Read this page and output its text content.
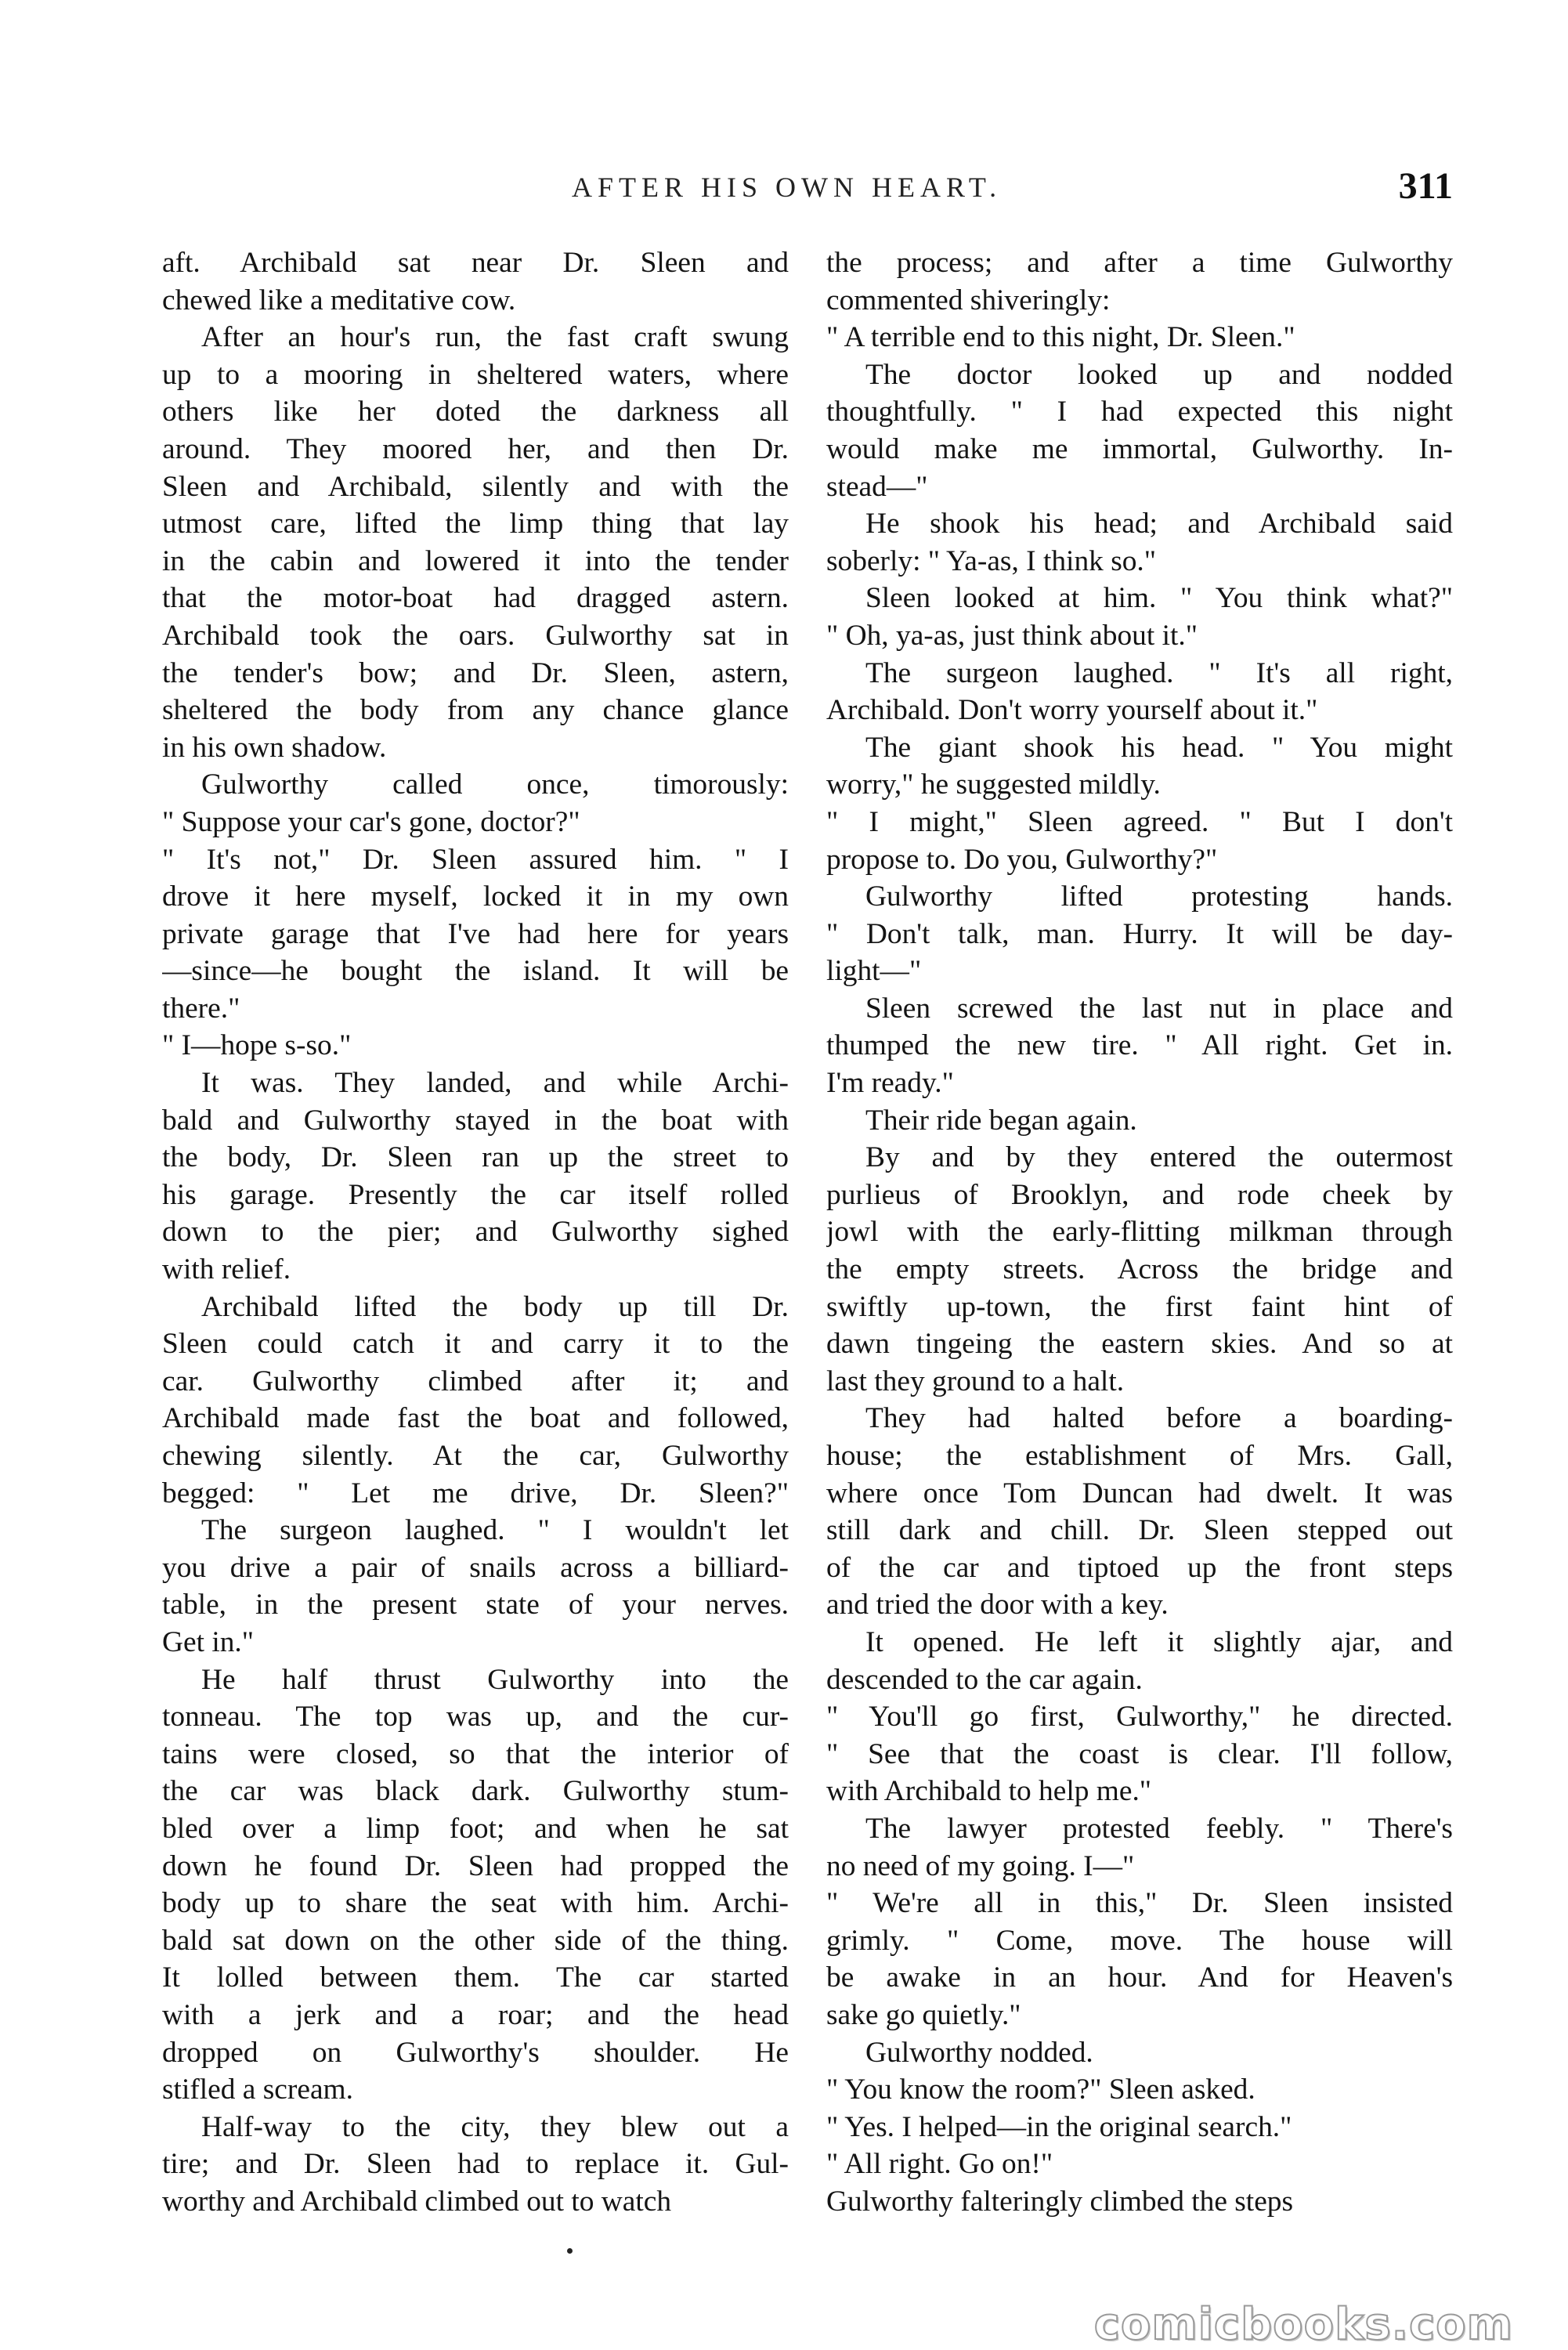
AFTER HIS OWN HEART.	311
aft. Archibald sat near Dr. Sleen and
chewed like a meditative cow.
After an hour's run, the fast craft swung
up to a mooring in sheltered waters, where
others like her doted the darkness all
around. They moored her, and then Dr.
Sleen and Archibald, silently and with the
utmost care, lifted the limp thing that lay
in the cabin and lowered it into the tender
that the motor-boat had dragged astern.
Archibald took the oars. Gulworthy sat in
the tender's bow; and Dr. Sleen, astern,
sheltered the body from any chance glance
in his own shadow.
Gulworthy called once, timorously:
" Suppose your car's gone, doctor?"
" It's not," Dr. Sleen assured him. " I
drove it here myself, locked it in my own
private garage that I've had here for years
—since—he bought the island. It will be
there."
" I—hope s-so."
It was. They landed, and while Archi-
bald and Gulworthy stayed in the boat with
the body, Dr. Sleen ran up the street to
his garage. Presently the car itself rolled
down to the pier; and Gulworthy sighed
with relief.
Archibald lifted the body up till Dr.
Sleen could catch it and carry it to the
car. Gulworthy climbed after it; and
Archibald made fast the boat and followed,
chewing silently. At the car, Gulworthy
begged: " Let me drive, Dr. Sleen?"
The surgeon laughed. " I wouldn't let
you drive a pair of snails across a billiard-
table, in the present state of your nerves.
Get in."
He half thrust Gulworthy into the
tonneau. The top was up, and the cur-
tains were closed, so that the interior of
the car was black dark. Gulworthy stum-
bled over a limp foot; and when he sat
down he found Dr. Sleen had propped the
body up to share the seat with him. Archi-
bald sat down on the other side of the thing.
It lolled between them. The car started
with a jerk and a roar; and the head
dropped on Gulworthy's shoulder. He
stifled a scream.
Half-way to the city, they blew out a
tire; and Dr. Sleen had to replace it. Gul-
worthy and Archibald climbed out to watch
the process; and after a time Gulworthy
commented shiveringly:
" A terrible end to this night, Dr. Sleen."
The doctor looked up and nodded
thoughtfully. " I had expected this night
would make me immortal, Gulworthy. In-
stead—"
He shook his head; and Archibald said
soberly: " Ya-as, I think so."
Sleen looked at him. " You think what?"
" Oh, ya-as, just think about it."
The surgeon laughed. " It's all right,
Archibald. Don't worry yourself about it."
The giant shook his head. " You might
worry," he suggested mildly.
" I might," Sleen agreed. " But I don't
propose to. Do you, Gulworthy?"
Gulworthy lifted protesting hands.
" Don't talk, man. Hurry. It will be day-
light—"
Sleen screwed the last nut in place and
thumped the new tire. " All right. Get in.
I'm ready."
Their ride began again.
By and by they entered the outermost
purlieus of Brooklyn, and rode cheek by
jowl with the early-flitting milkman through
the empty streets. Across the bridge and
swiftly up-town, the first faint hint of
dawn tingeing the eastern skies. And so at
last they ground to a halt.
They had halted before a boarding-
house; the establishment of Mrs. Gall,
where once Tom Duncan had dwelt. It was
still dark and chill. Dr. Sleen stepped out
of the car and tiptoed up the front steps
and tried the door with a key.
It opened. He left it slightly ajar, and
descended to the car again.
" You'll go first, Gulworthy," he directed.
" See that the coast is clear. I'll follow,
with Archibald to help me."
The lawyer protested feebly. " There's
no need of my going. I—"
" We're all in this," Dr. Sleen insisted
grimly. " Come, move. The house will
be awake in an hour. And for Heaven's
sake go quietly."
Gulworthy nodded.
" You know the room?" Sleen asked.
" Yes. I helped—in the original search."
" All right. Go on!"
Gulworthy falteringly climbed the steps
comicbooks.com
